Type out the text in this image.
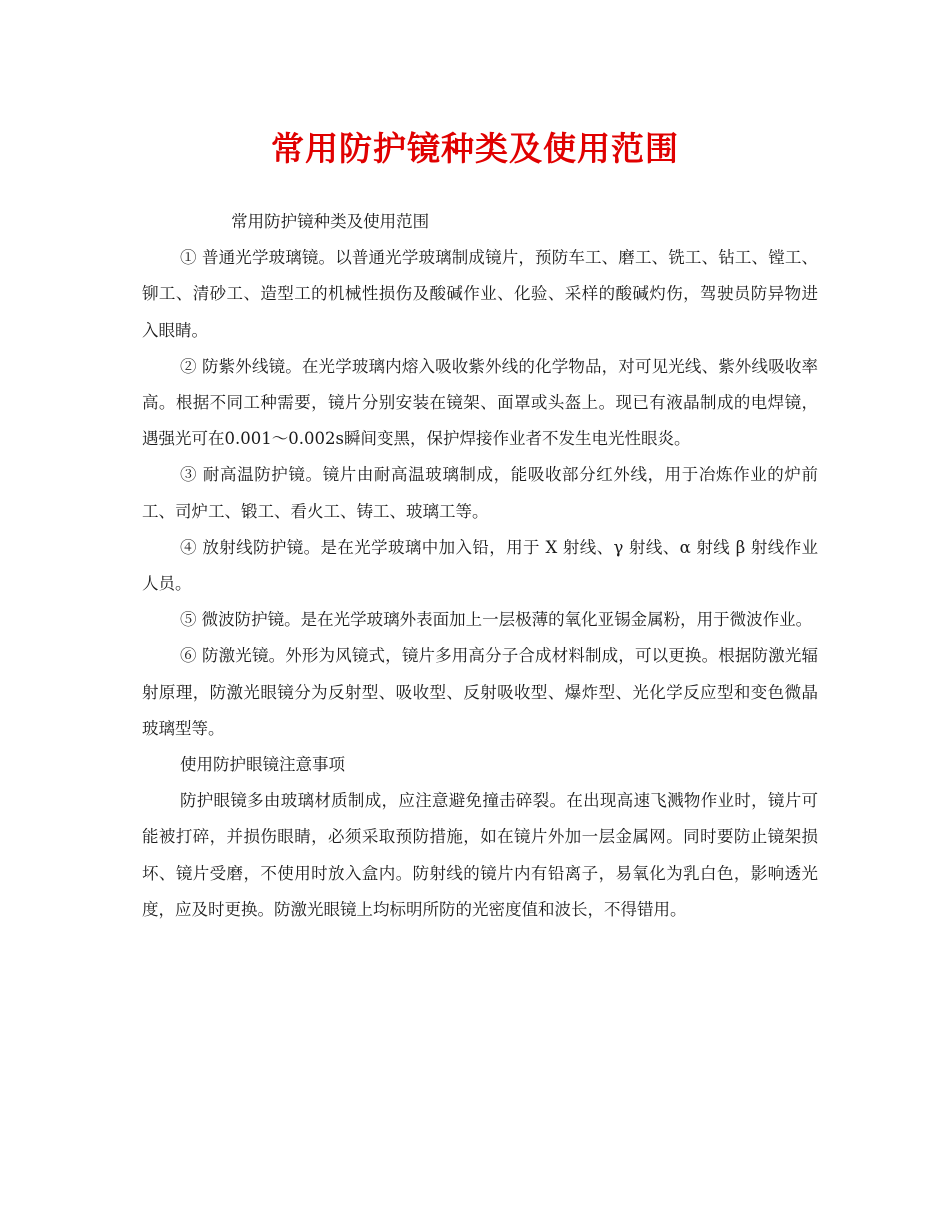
常用防护镜种类及使用范围

常用防护镜种类及使用范围

① 普通光学玻璃镜。以普通光学玻璃制成镜片，预防车工、磨工、铣工、钻工、镗工、铆工、清砂工、造型工的机械性损伤及酸碱作业、化验、采样的酸碱灼伤，驾驶员防异物进入眼睛。

② 防紫外线镜。在光学玻璃内熔入吸收紫外线的化学物品，对可见光线、紫外线吸收率高。根据不同工种需要，镜片分别安装在镜架、面罩或头盔上。现已有液晶制成的电焊镜，遇强光可在0.001～0.002s瞬间变黑，保护焊接作业者不发生电光性眼炎。

③ 耐高温防护镜。镜片由耐高温玻璃制成，能吸收部分红外线，用于冶炼作业的炉前工、司炉工、锻工、看火工、铸工、玻璃工等。

④ 放射线防护镜。是在光学玻璃中加入铅，用于 X 射线、γ 射线、α 射线 β 射线作业人员。

⑤ 微波防护镜。是在光学玻璃外表面加上一层极薄的氧化亚锡金属粉，用于微波作业。

⑥ 防激光镜。外形为风镜式，镜片多用高分子合成材料制成，可以更换。根据防激光辐射原理，防激光眼镜分为反射型、吸收型、反射吸收型、爆炸型、光化学反应型和变色微晶玻璃型等。

使用防护眼镜注意事项

防护眼镜多由玻璃材质制成，应注意避免撞击碎裂。在出现高速飞溅物作业时，镜片可能被打碎，并损伤眼睛，必须采取预防措施，如在镜片外加一层金属网。同时要防止镜架损坏、镜片受磨，不使用时放入盒内。防射线的镜片内有铅离子，易氧化为乳白色，影响透光度，应及时更换。防激光眼镜上均标明所防的光密度值和波长，不得错用。
